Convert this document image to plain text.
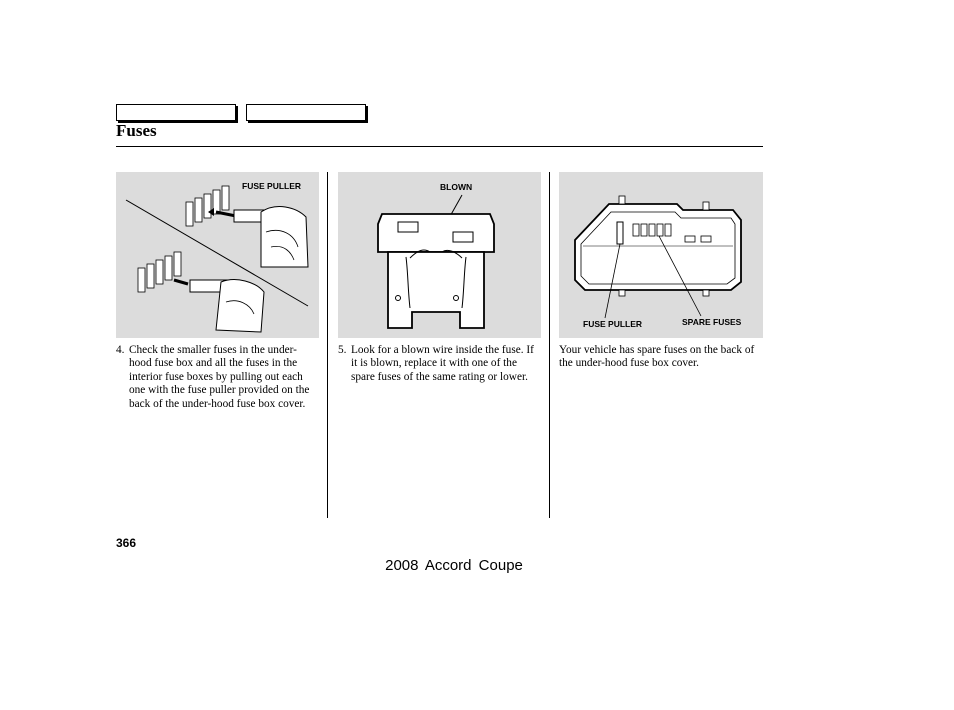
Fuses
FUSE PULLER	BLOWN
FUSE PULLER	SPARE FUSES
4. Check the smaller fuses in the under-hood fuse box and all the fuses in the interior fuse boxes by pulling out each one with the fuse puller provided on the back of the under-hood fuse box cover.
5. Look for a blown wire inside the fuse. If it is blown, replace it with one of the spare fuses of the same rating or lower.
Your vehicle has spare fuses on the back of the under-hood fuse box cover.
366
2008 Accord Coupe
